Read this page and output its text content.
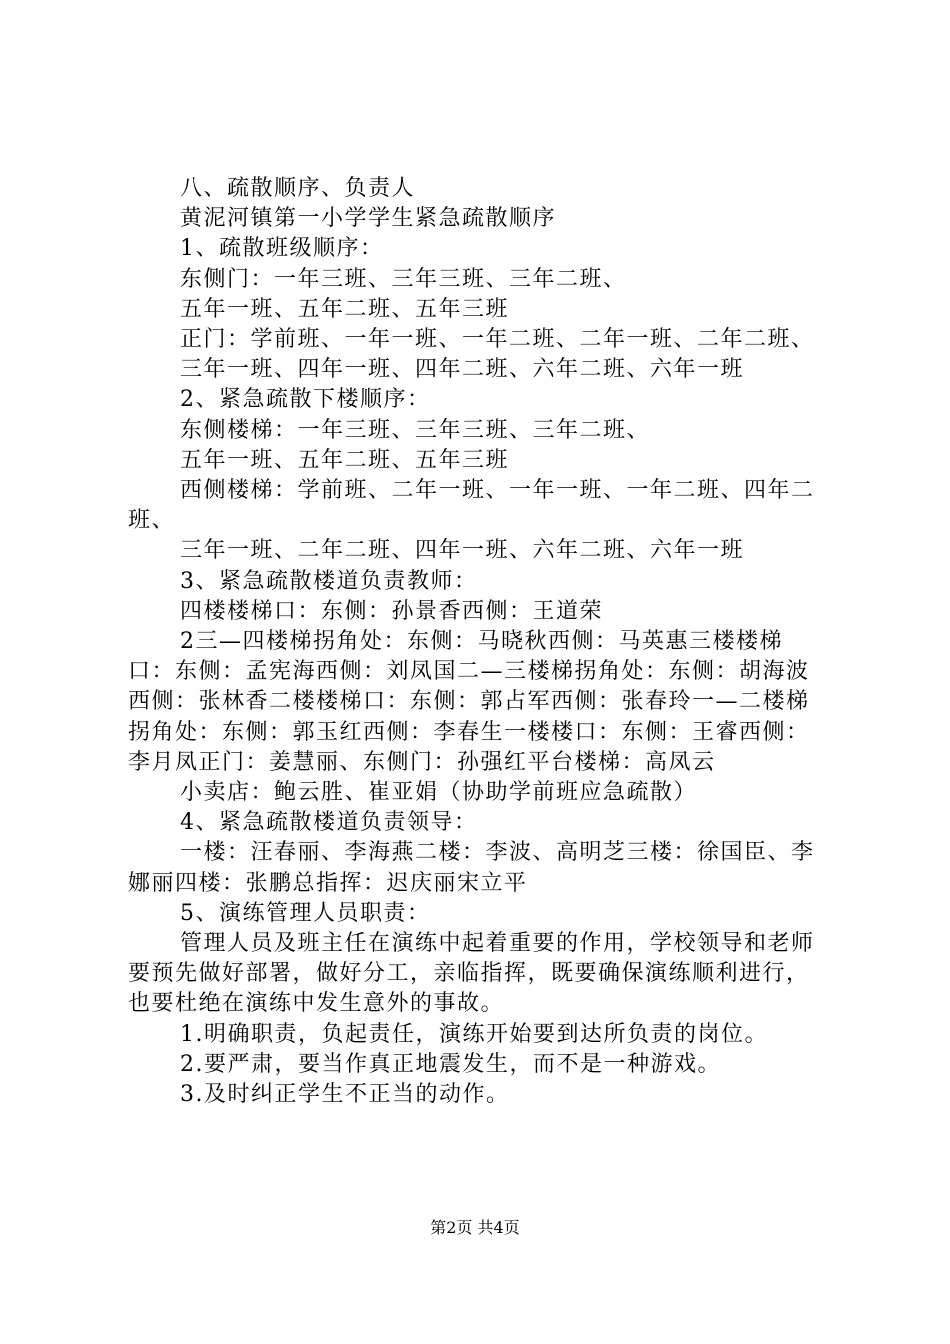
八、疏散顺序、负责人

黄泥河镇第一小学学生紧急疏散顺序

1、疏散班级顺序：

东侧门：一年三班、三年三班、三年二班、

五年一班、五年二班、五年三班

正门：学前班、一年一班、一年二班、二年一班、二年二班、

三年一班、四年一班、四年二班、六年二班、六年一班

2、紧急疏散下楼顺序：

东侧楼梯：一年三班、三年三班、三年二班、

五年一班、五年二班、五年三班

西侧楼梯：学前班、二年一班、一年一班、一年二班、四年二班、

三年一班、二年二班、四年一班、六年二班、六年一班

3、紧急疏散楼道负责教师：

四楼楼梯口：东侧：孙景香西侧：王道荣

2三—四楼梯拐角处：东侧：马晓秋西侧：马英惠三楼楼梯口：东侧：孟宪海西侧：刘凤国二—三楼梯拐角处：东侧：胡海波西侧：张林香二楼楼梯口：东侧：郭占军西侧：张春玲一—二楼梯拐角处：东侧：郭玉红西侧：李春生一楼楼口：东侧：王睿西侧：李月凤正门：姜慧丽、东侧门：孙强红平台楼梯：高凤云

小卖店：鲍云胜、崔亚娟（协助学前班应急疏散）

4、紧急疏散楼道负责领导：

一楼：汪春丽、李海燕二楼：李波、高明芝三楼：徐国臣、李娜丽四楼：张鹏总指挥：迟庆丽宋立平

5、演练管理人员职责：

管理人员及班主任在演练中起着重要的作用，学校领导和老师要预先做好部署，做好分工，亲临指挥，既要确保演练顺利进行，也要杜绝在演练中发生意外的事故。

1.明确职责，负起责任，演练开始要到达所负责的岗位。

2.要严肃，要当作真正地震发生，而不是一种游戏。

3.及时纠正学生不正当的动作。

第2页 共4页
